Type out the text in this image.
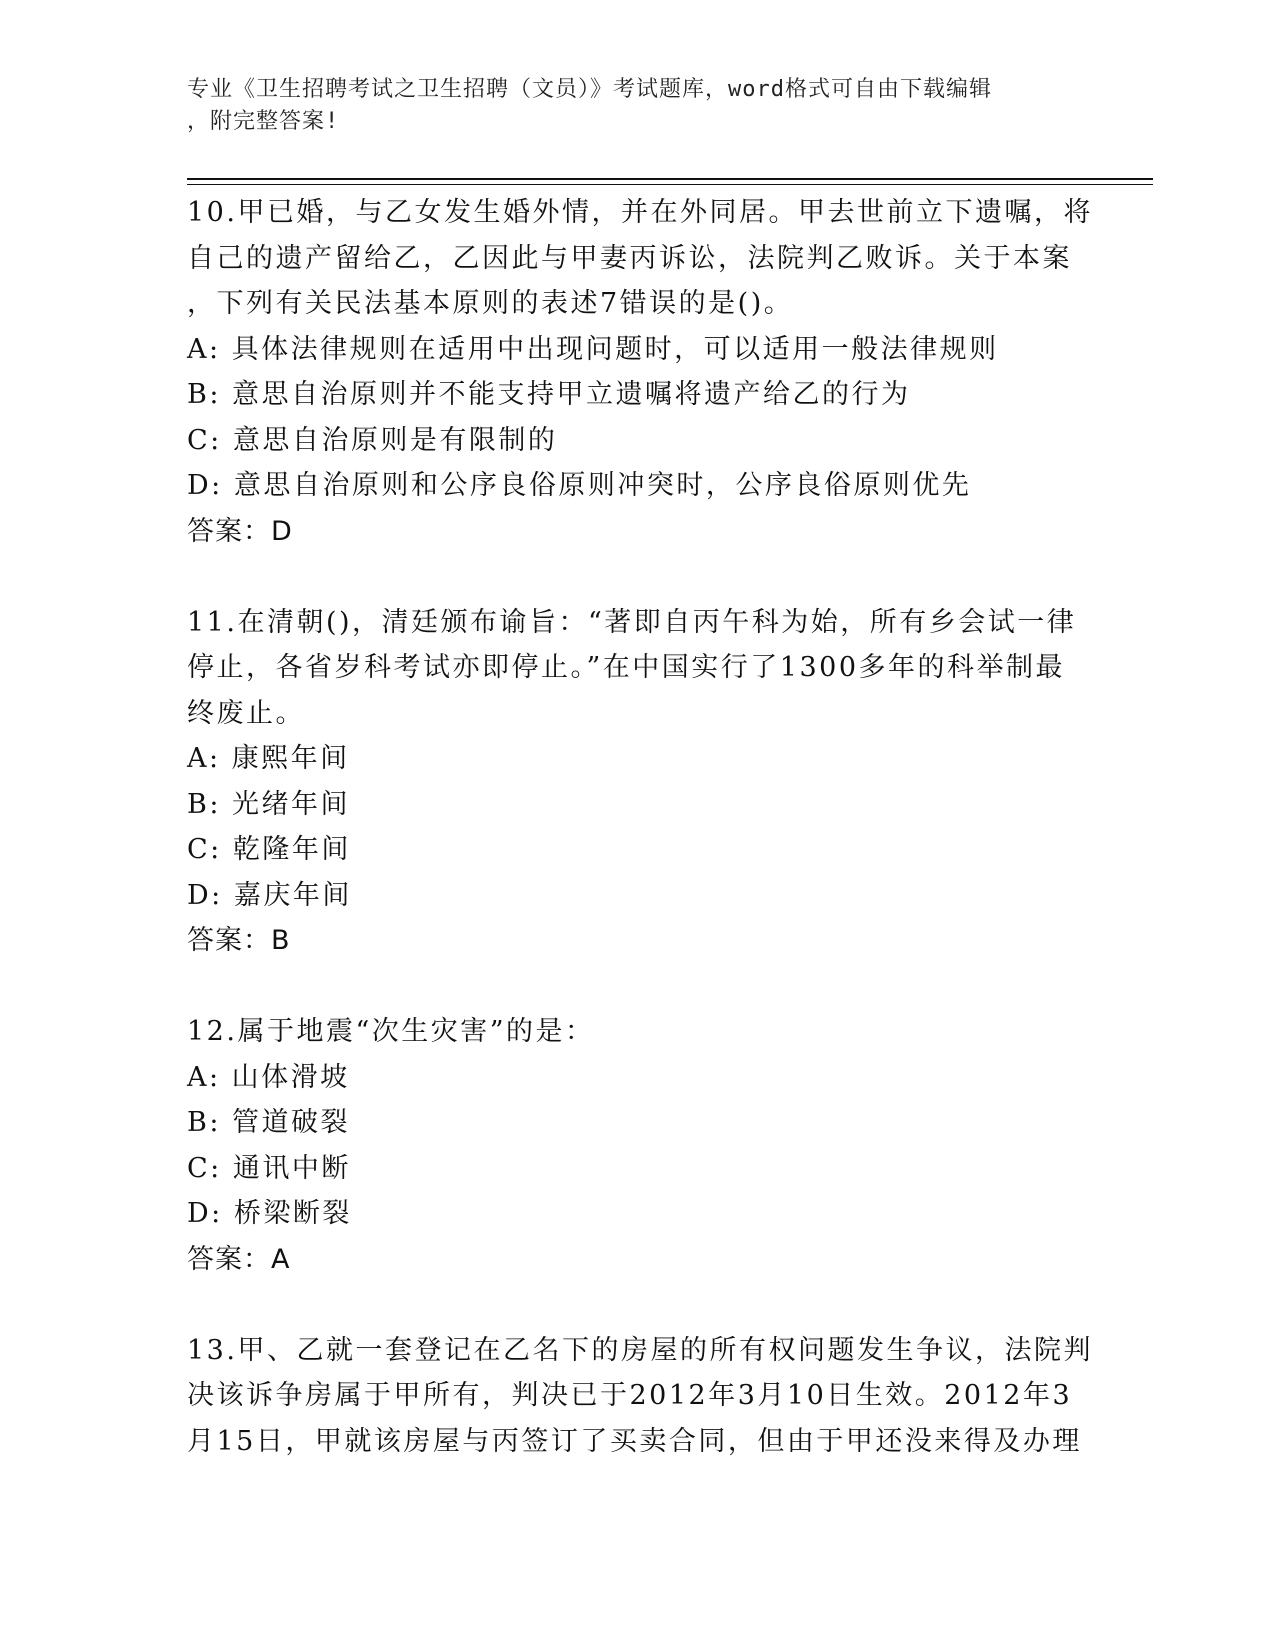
专业《卫生招聘考试之卫生招聘（文员）》考试题库，word格式可自由下载编辑
，附完整答案!
10.甲已婚，与乙女发生婚外情，并在外同居。甲去世前立下遗嘱，将
自己的遗产留给乙，乙因此与甲妻丙诉讼，法院判乙败诉。关于本案
，下列有关民法基本原则的表述7错误的是()。
A: 具体法律规则在适用中出现问题时，可以适用一般法律规则
B: 意思自治原则并不能支持甲立遗嘱将遗产给乙的行为
C: 意思自治原则是有限制的
D: 意思自治原则和公序良俗原则冲突时，公序良俗原则优先
答案：D
11.在清朝()，清廷颁布谕旨：“著即自丙午科为始，所有乡会试一律
停止，各省岁科考试亦即停止。”在中国实行了1300多年的科举制最
终废止。
A: 康熙年间
B: 光绪年间
C: 乾隆年间
D: 嘉庆年间
答案：B
12.属于地震“次生灾害”的是：
A: 山体滑坡
B: 管道破裂
C: 通讯中断
D: 桥梁断裂
答案：A
13.甲、乙就一套登记在乙名下的房屋的所有权问题发生争议，法院判
决该诉争房属于甲所有，判决已于2012年3月10日生效。2012年3
月15日，甲就该房屋与丙签订了买卖合同，但由于甲还没来得及办理
